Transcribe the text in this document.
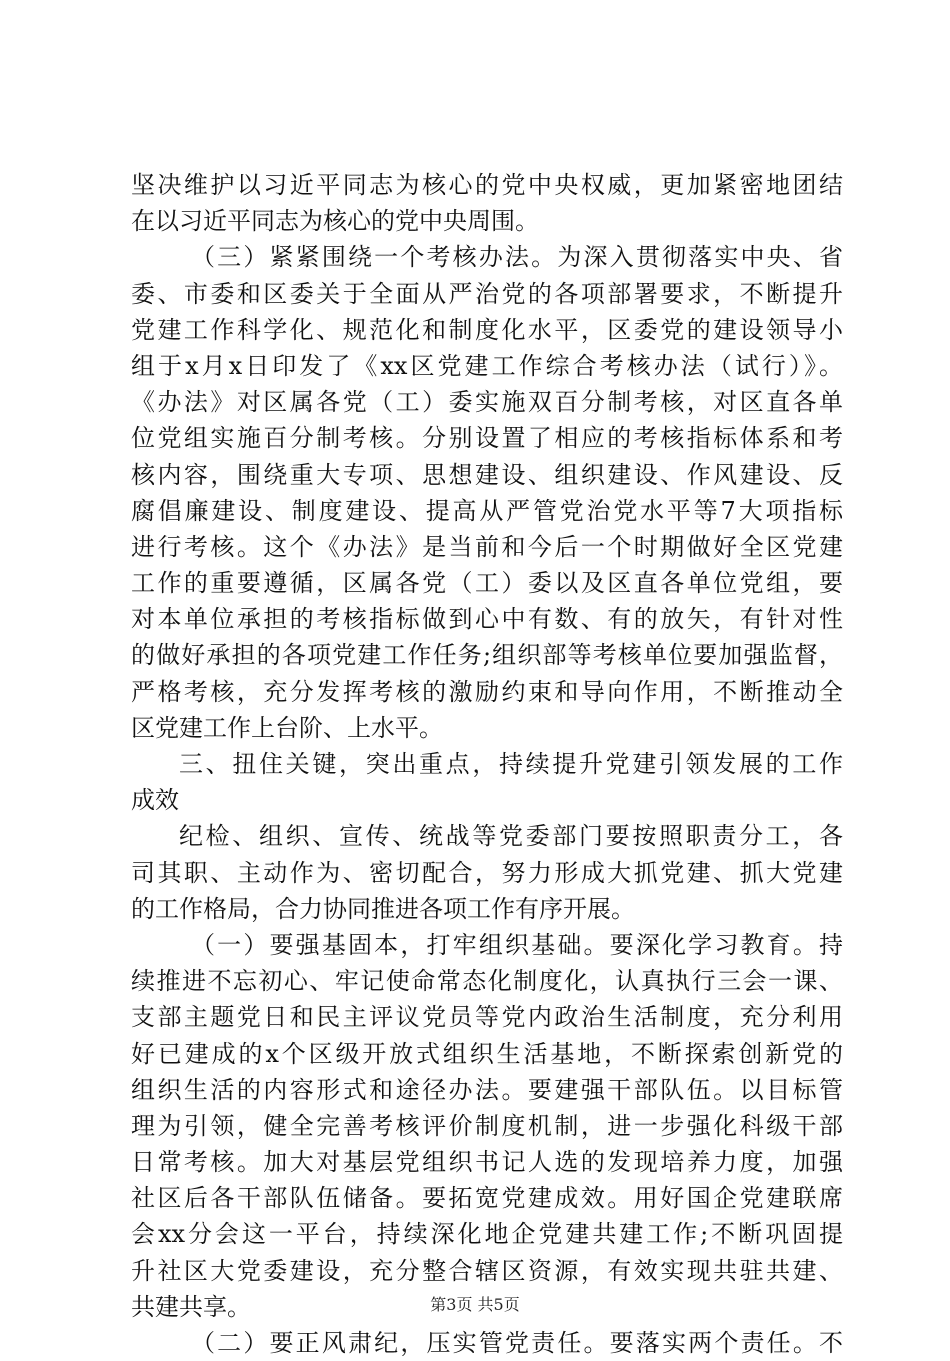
坚决维护以习近平同志为核心的党中央权威，更加紧密地团结
在以习近平同志为核心的党中央周围。
（三）紧紧围绕一个考核办法。为深入贯彻落实中央、省
委、市委和区委关于全面从严治党的各项部署要求，不断提升
党建工作科学化、规范化和制度化水平，区委党的建设领导小
组于x月x日印发了《xx区党建工作综合考核办法（试行）》。
《办法》对区属各党（工）委实施双百分制考核，对区直各单
位党组实施百分制考核。分别设置了相应的考核指标体系和考
核内容，围绕重大专项、思想建设、组织建设、作风建设、反
腐倡廉建设、制度建设、提高从严管党治党水平等7大项指标
进行考核。这个《办法》是当前和今后一个时期做好全区党建
工作的重要遵循，区属各党（工）委以及区直各单位党组，要
对本单位承担的考核指标做到心中有数、有的放矢，有针对性
的做好承担的各项党建工作任务;组织部等考核单位要加强监督，
严格考核，充分发挥考核的激励约束和导向作用，不断推动全
区党建工作上台阶、上水平。
三、扭住关键，突出重点，持续提升党建引领发展的工作
成效
纪检、组织、宣传、统战等党委部门要按照职责分工，各
司其职、主动作为、密切配合，努力形成大抓党建、抓大党建
的工作格局，合力协同推进各项工作有序开展。
（一）要强基固本，打牢组织基础。要深化学习教育。持
续推进不忘初心、牢记使命常态化制度化，认真执行三会一课、
支部主题党日和民主评议党员等党内政治生活制度，充分利用
好已建成的x个区级开放式组织生活基地，不断探索创新党的
组织生活的内容形式和途径办法。要建强干部队伍。以目标管
理为引领，健全完善考核评价制度机制，进一步强化科级干部
日常考核。加大对基层党组织书记人选的发现培养力度，加强
社区后各干部队伍储备。要拓宽党建成效。用好国企党建联席
会xx分会这一平台，持续深化地企党建共建工作;不断巩固提
升社区大党委建设，充分整合辖区资源，有效实现共驻共建、
共建共享。
（二）要正风肃纪，压实管党责任。要落实两个责任。不
第3页 共5页
